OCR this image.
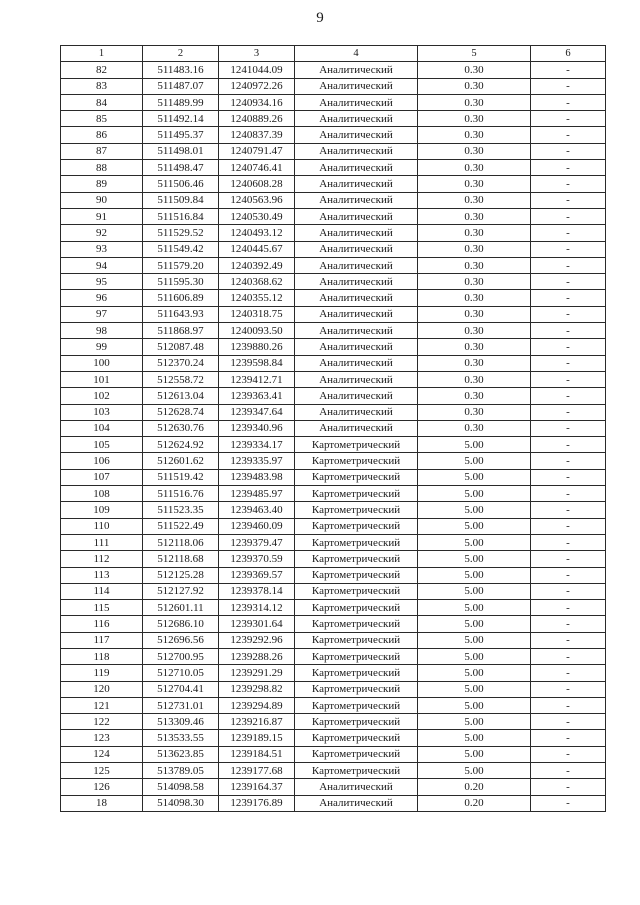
9
1	2	3	4	5	6
82	511483.16	1241044.09	Аналитический	0.30	-
83	511487.07	1240972.26	Аналитический	0.30	-
84	511489.99	1240934.16	Аналитический	0.30	-
85	511492.14	1240889.26	Аналитический	0.30	-
86	511495.37	1240837.39	Аналитический	0.30	-
87	511498.01	1240791.47	Аналитический	0.30	-
88	511498.47	1240746.41	Аналитический	0.30	-
89	511506.46	1240608.28	Аналитический	0.30	-
90	511509.84	1240563.96	Аналитический	0.30	-
91	511516.84	1240530.49	Аналитический	0.30	-
92	511529.52	1240493.12	Аналитический	0.30	-
93	511549.42	1240445.67	Аналитический	0.30	-
94	511579.20	1240392.49	Аналитический	0.30	-
95	511595.30	1240368.62	Аналитический	0.30	-
96	511606.89	1240355.12	Аналитический	0.30	-
97	511643.93	1240318.75	Аналитический	0.30	-
98	511868.97	1240093.50	Аналитический	0.30	-
99	512087.48	1239880.26	Аналитический	0.30	-
100	512370.24	1239598.84	Аналитический	0.30	-
101	512558.72	1239412.71	Аналитический	0.30	-
102	512613.04	1239363.41	Аналитический	0.30	-
103	512628.74	1239347.64	Аналитический	0.30	-
104	512630.76	1239340.96	Аналитический	0.30	-
105	512624.92	1239334.17	Картометрический	5.00	-
106	512601.62	1239335.97	Картометрический	5.00	-
107	511519.42	1239483.98	Картометрический	5.00	-
108	511516.76	1239485.97	Картометрический	5.00	-
109	511523.35	1239463.40	Картометрический	5.00	-
110	511522.49	1239460.09	Картометрический	5.00	-
111	512118.06	1239379.47	Картометрический	5.00	-
112	512118.68	1239370.59	Картометрический	5.00	-
113	512125.28	1239369.57	Картометрический	5.00	-
114	512127.92	1239378.14	Картометрический	5.00	-
115	512601.11	1239314.12	Картометрический	5.00	-
116	512686.10	1239301.64	Картометрический	5.00	-
117	512696.56	1239292.96	Картометрический	5.00	-
118	512700.95	1239288.26	Картометрический	5.00	-
119	512710.05	1239291.29	Картометрический	5.00	-
120	512704.41	1239298.82	Картометрический	5.00	-
121	512731.01	1239294.89	Картометрический	5.00	-
122	513309.46	1239216.87	Картометрический	5.00	-
123	513533.55	1239189.15	Картометрический	5.00	-
124	513623.85	1239184.51	Картометрический	5.00	-
125	513789.05	1239177.68	Картометрический	5.00	-
126	514098.58	1239164.37	Аналитический	0.20	-
18	514098.30	1239176.89	Аналитический	0.20	-
